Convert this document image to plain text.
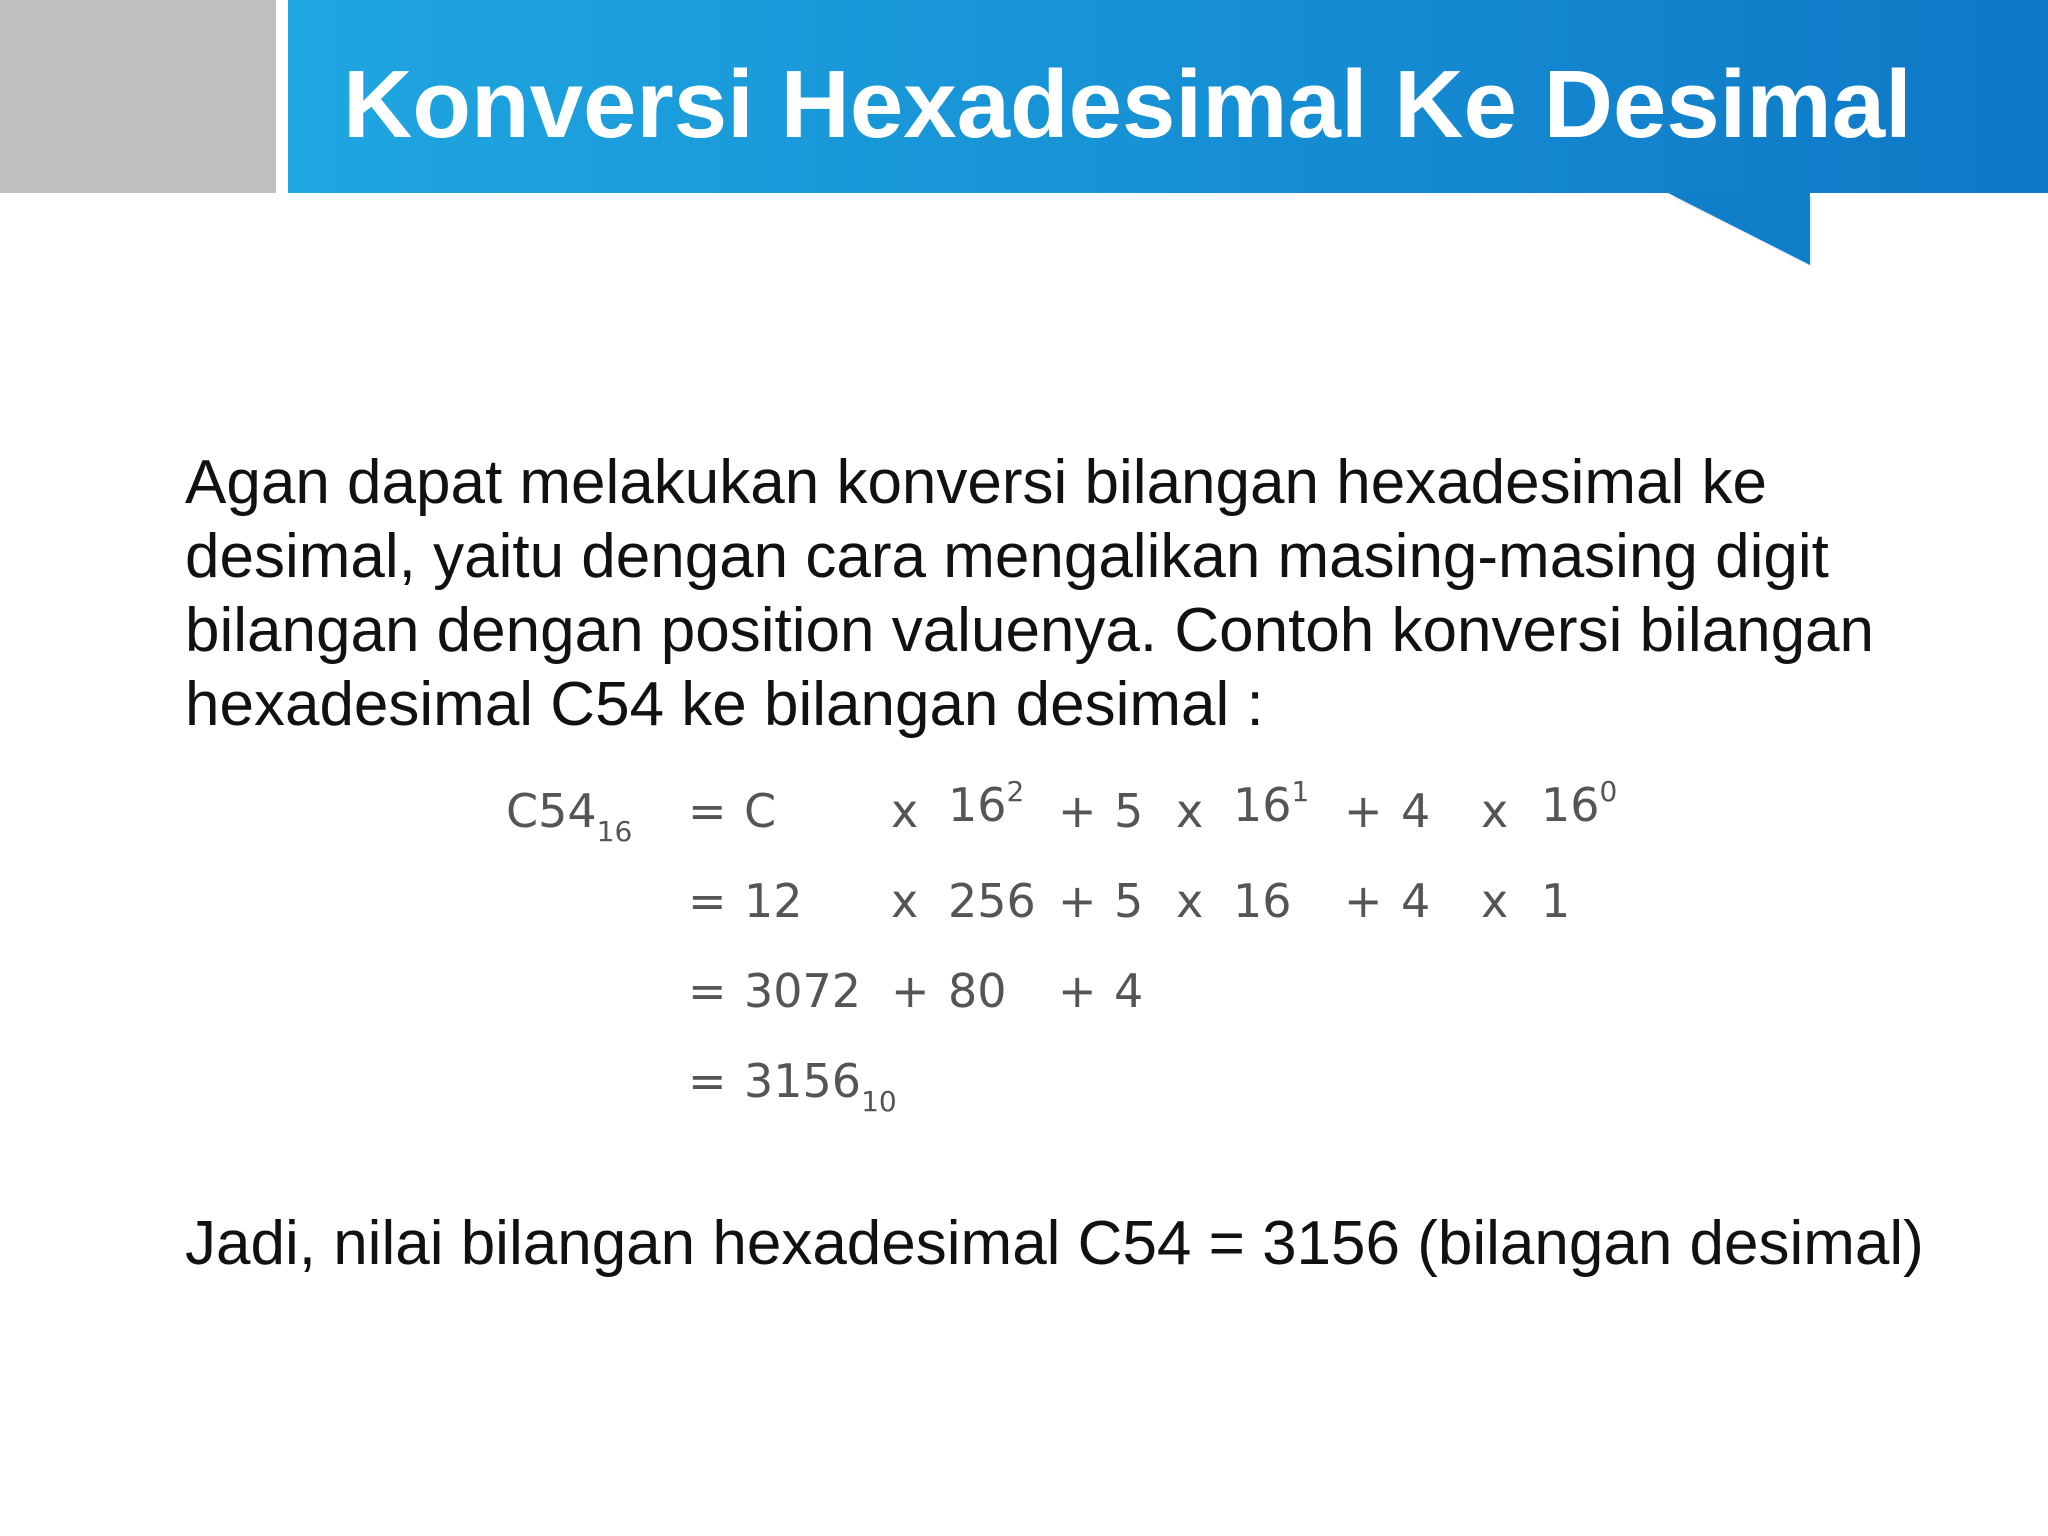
Konversi Hexadesimal Ke Desimal

Agan dapat melakukan konversi bilangan hexadesimal ke desimal, yaitu dengan cara mengalikan masing-masing digit bilangan dengan position valuenya. Contoh konversi bilangan hexadesimal C54 ke bilangan desimal :

$C54_{16} = C$ x $16^2 + 5$ x $16^1 + 4$ x $16^0$
= 12 x 256 + 5 x 16 + 4 x 1
= 3072 + 80 + 4
= $3156_{10}$

Jadi, nilai bilangan hexadesimal C54 = 3156 (bilangan desimal)
